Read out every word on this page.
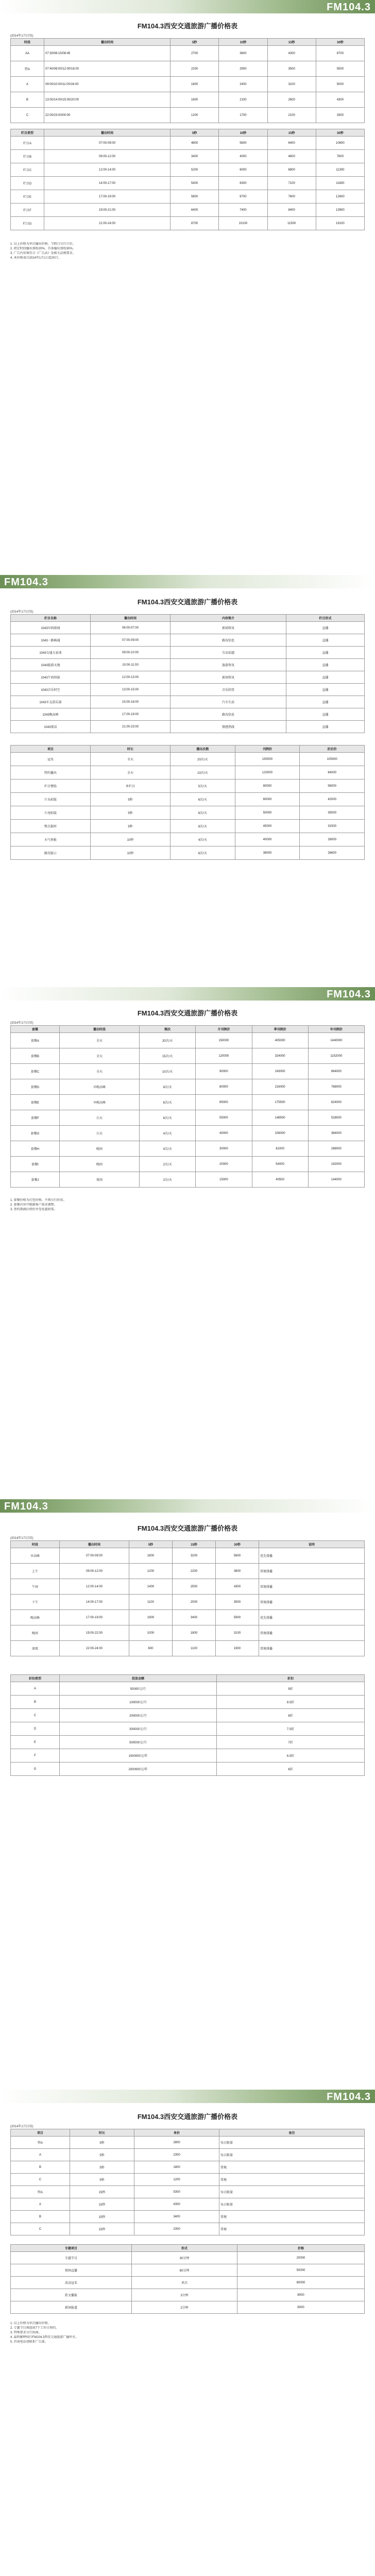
FM104.3
FM104.3西安交通旅游广播价格表
(2014年1月启用)
时段	播出时间	5秒	10秒	15秒	30秒
AA	07:30/08:15/08:45	2700	3600	4300	6700
特A	07:40/08:00/12:00/18:00	2200	2900	3500	5500
A	09:00/10:00/11:00/16:00	1800	2400	3100	5000
B	13:00/14:00/15:00/20:00	1600	2100	2600	4300
C	22:00/23:00/00:00	1200	1700	2100	3300
栏目类型	播出时间	5秒	10秒	15秒	30秒
栏目A	07:00-09:00	4800	5600	6400	10600
栏目B	09:00-12:00	3400	4000	4600	7600
栏目C	12:00-14:00	5200	6000	6800	11300
栏目D	14:00-17:00	5400	6300	7100	11800
栏目E	17:00-19:00	5800	6700	7600	12600
栏目F	19:00-21:00	6400	7400	8400	13900
栏目G	21:00-24:00	8700	10100	11500	19100
1. 以上价格为单次播出价格，节假日另行计价。
2. 指定时段播出加收20%，首条播出加收30%。
3. 广告内容须符合《广告法》及相关法规要求。
4. 本价格表自2014年1月1日起执行。
FM104.3
FM104.3西安交通旅游广播价格表
(2014年1月启用)
栏目名称	播出时间	内容简介	栏目形式
1043早间新闻	06:00-07:00	新闻资讯	直播
1043一路畅通	07:00-09:00	路况信息	直播
1043交通大家谈	09:00-10:00	互动话题	直播
1043旅游天地	10:00-11:00	旅游资讯	直播
1043午间快报	12:00-13:00	新闻资讯	直播
1043音乐时空	13:00-15:00	音乐欣赏	直播
1043车友俱乐部	15:00-16:00	汽车生活	直播
1043晚高峰	17:00-19:00	路况信息	直播
1043夜话	21:00-23:00	情感热线	直播
项目	时长	播出次数	刊例价	折后价
冠名	全天	20次/天	150000	105000
特约播出	全天	10次/天	120000	84000
栏目赞助	单栏目	5次/天	80000	56000
片头标版	5秒	6次/天	60000	42000
片尾标版	5秒	6次/天	50000	35000
整点报时	5秒	8次/天	45000	31500
天气预报	10秒	4次/天	40000	28000
路况提示	10秒	6次/天	38000	26600
FM104.3
FM104.3西安交通旅游广播价格表
(2014年1月启用)
套餐	播出时段	频次	月刊例价	季刊例价	年刊例价
套餐A	全天	20次/天	150000	405000	1440000
套餐B	全天	15次/天	120000	324000	1152000
套餐C	全天	10次/天	90000	243000	864000
套餐D	早晚高峰	8次/天	80000	216000	768000
套餐E	早晚高峰	6次/天	65000	175500	624000
套餐F	白天	6次/天	55000	148500	528000
套餐G	白天	4次/天	40000	108000	384000
套餐H	晚间	4次/天	30000	81000	288000
套餐I	晚间	2次/天	20000	54000	192000
套餐J	夜间	2次/天	15000	40500	144000
1. 套餐价格为打包价格，不再另行折扣。
2. 套餐内容可根据客户需求调整。
3. 签约期满后续约享受优惠政策。
FM104.3
FM104.3西安交通旅游广播价格表
(2014年1月启用)
时段	播出时间	5秒	15秒	30秒	说明
早高峰	07:00-09:00	1800	3200	5600	优先排播
上午	09:00-12:00	1200	2200	3800	常规排播
午间	12:00-14:00	1400	2500	4300	常规排播
下午	14:00-17:00	1100	2000	3500	常规排播
晚高峰	17:00-19:00	1900	3400	5900	优先排播
晚间	19:00-22:00	1000	1800	3100	常规排播
深夜	22:00-24:00	600	1100	1900	常规排播
折扣类型	投放金额	折扣
A	50000元/月	9折
B	100000元/月	8.5折
C	200000元/月	8折
D	300000元/月	7.5折
E	500000元/月	7折
F	1000000元/年	6.5折
G	2000000元/年	6折
FM104.3
FM104.3西安交通旅游广播价格表
(2014年1月启用)
项目	时长	单价	备注
特A	5秒	2800	每日限量
A	5秒	2300	每日限量
B	5秒	1800	常规
C	5秒	1200	常规
特A	15秒	5300	每日限量
A	15秒	4300	每日限量
B	15秒	3400	常规
C	15秒	2300	常规
专题项目	形式	价格
专题节目	30分钟	20000
现场直播	60分钟	50000
活动冠名	单次	80000
软文播报	3分钟	8000
新闻报道	2分钟	6000
1. 以上价格为单次播出价格。
2. 专题节目须提前7个工作日预约。
3. 特殊要求另行协商。
4. 最终解释权归FM104.3西安交通旅游广播所有。
5. 咨询电话请联系广告部。
